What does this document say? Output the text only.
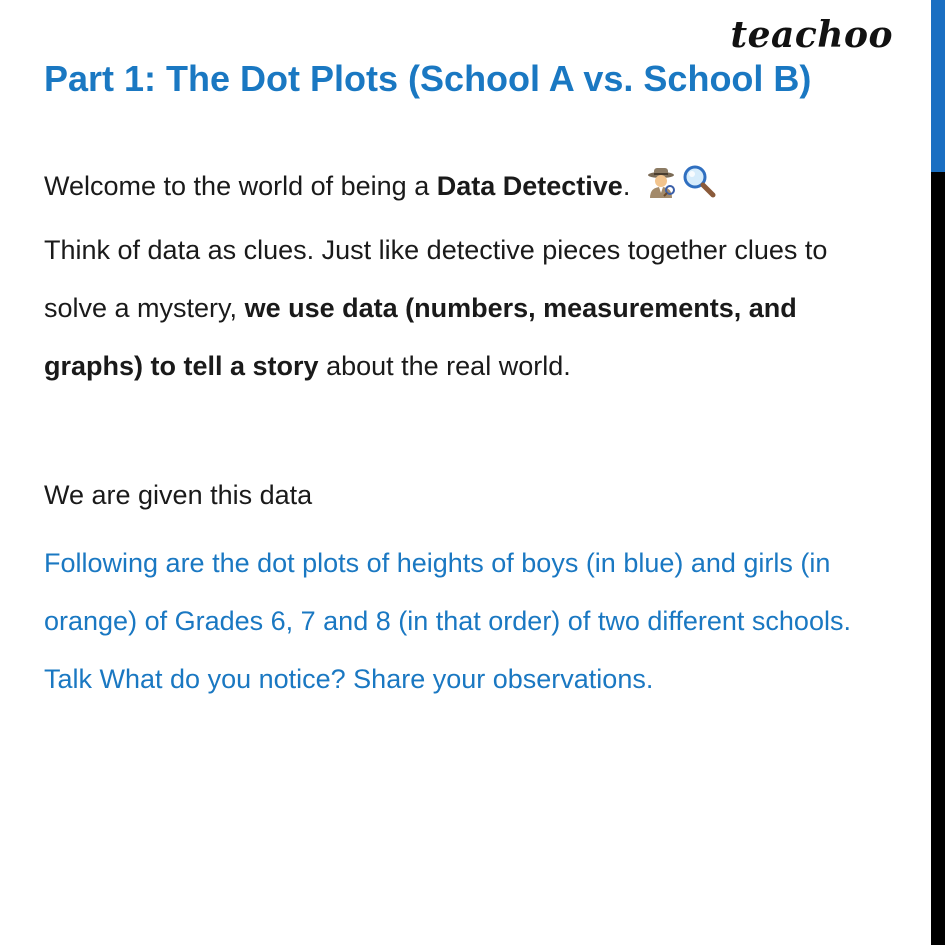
teachoo
Part 1: The Dot Plots (School A vs. School B)

Welcome to the world of being a Data Detective.

Think of data as clues. Just like detective pieces together clues to solve a mystery, we use data (numbers, measurements, and graphs) to tell a story about the real world.

We are given this data

Following are the dot plots of heights of boys (in blue) and girls (in orange) of Grades 6, 7 and 8 (in that order) of two different schools. Talk What do you notice? Share your observations.
